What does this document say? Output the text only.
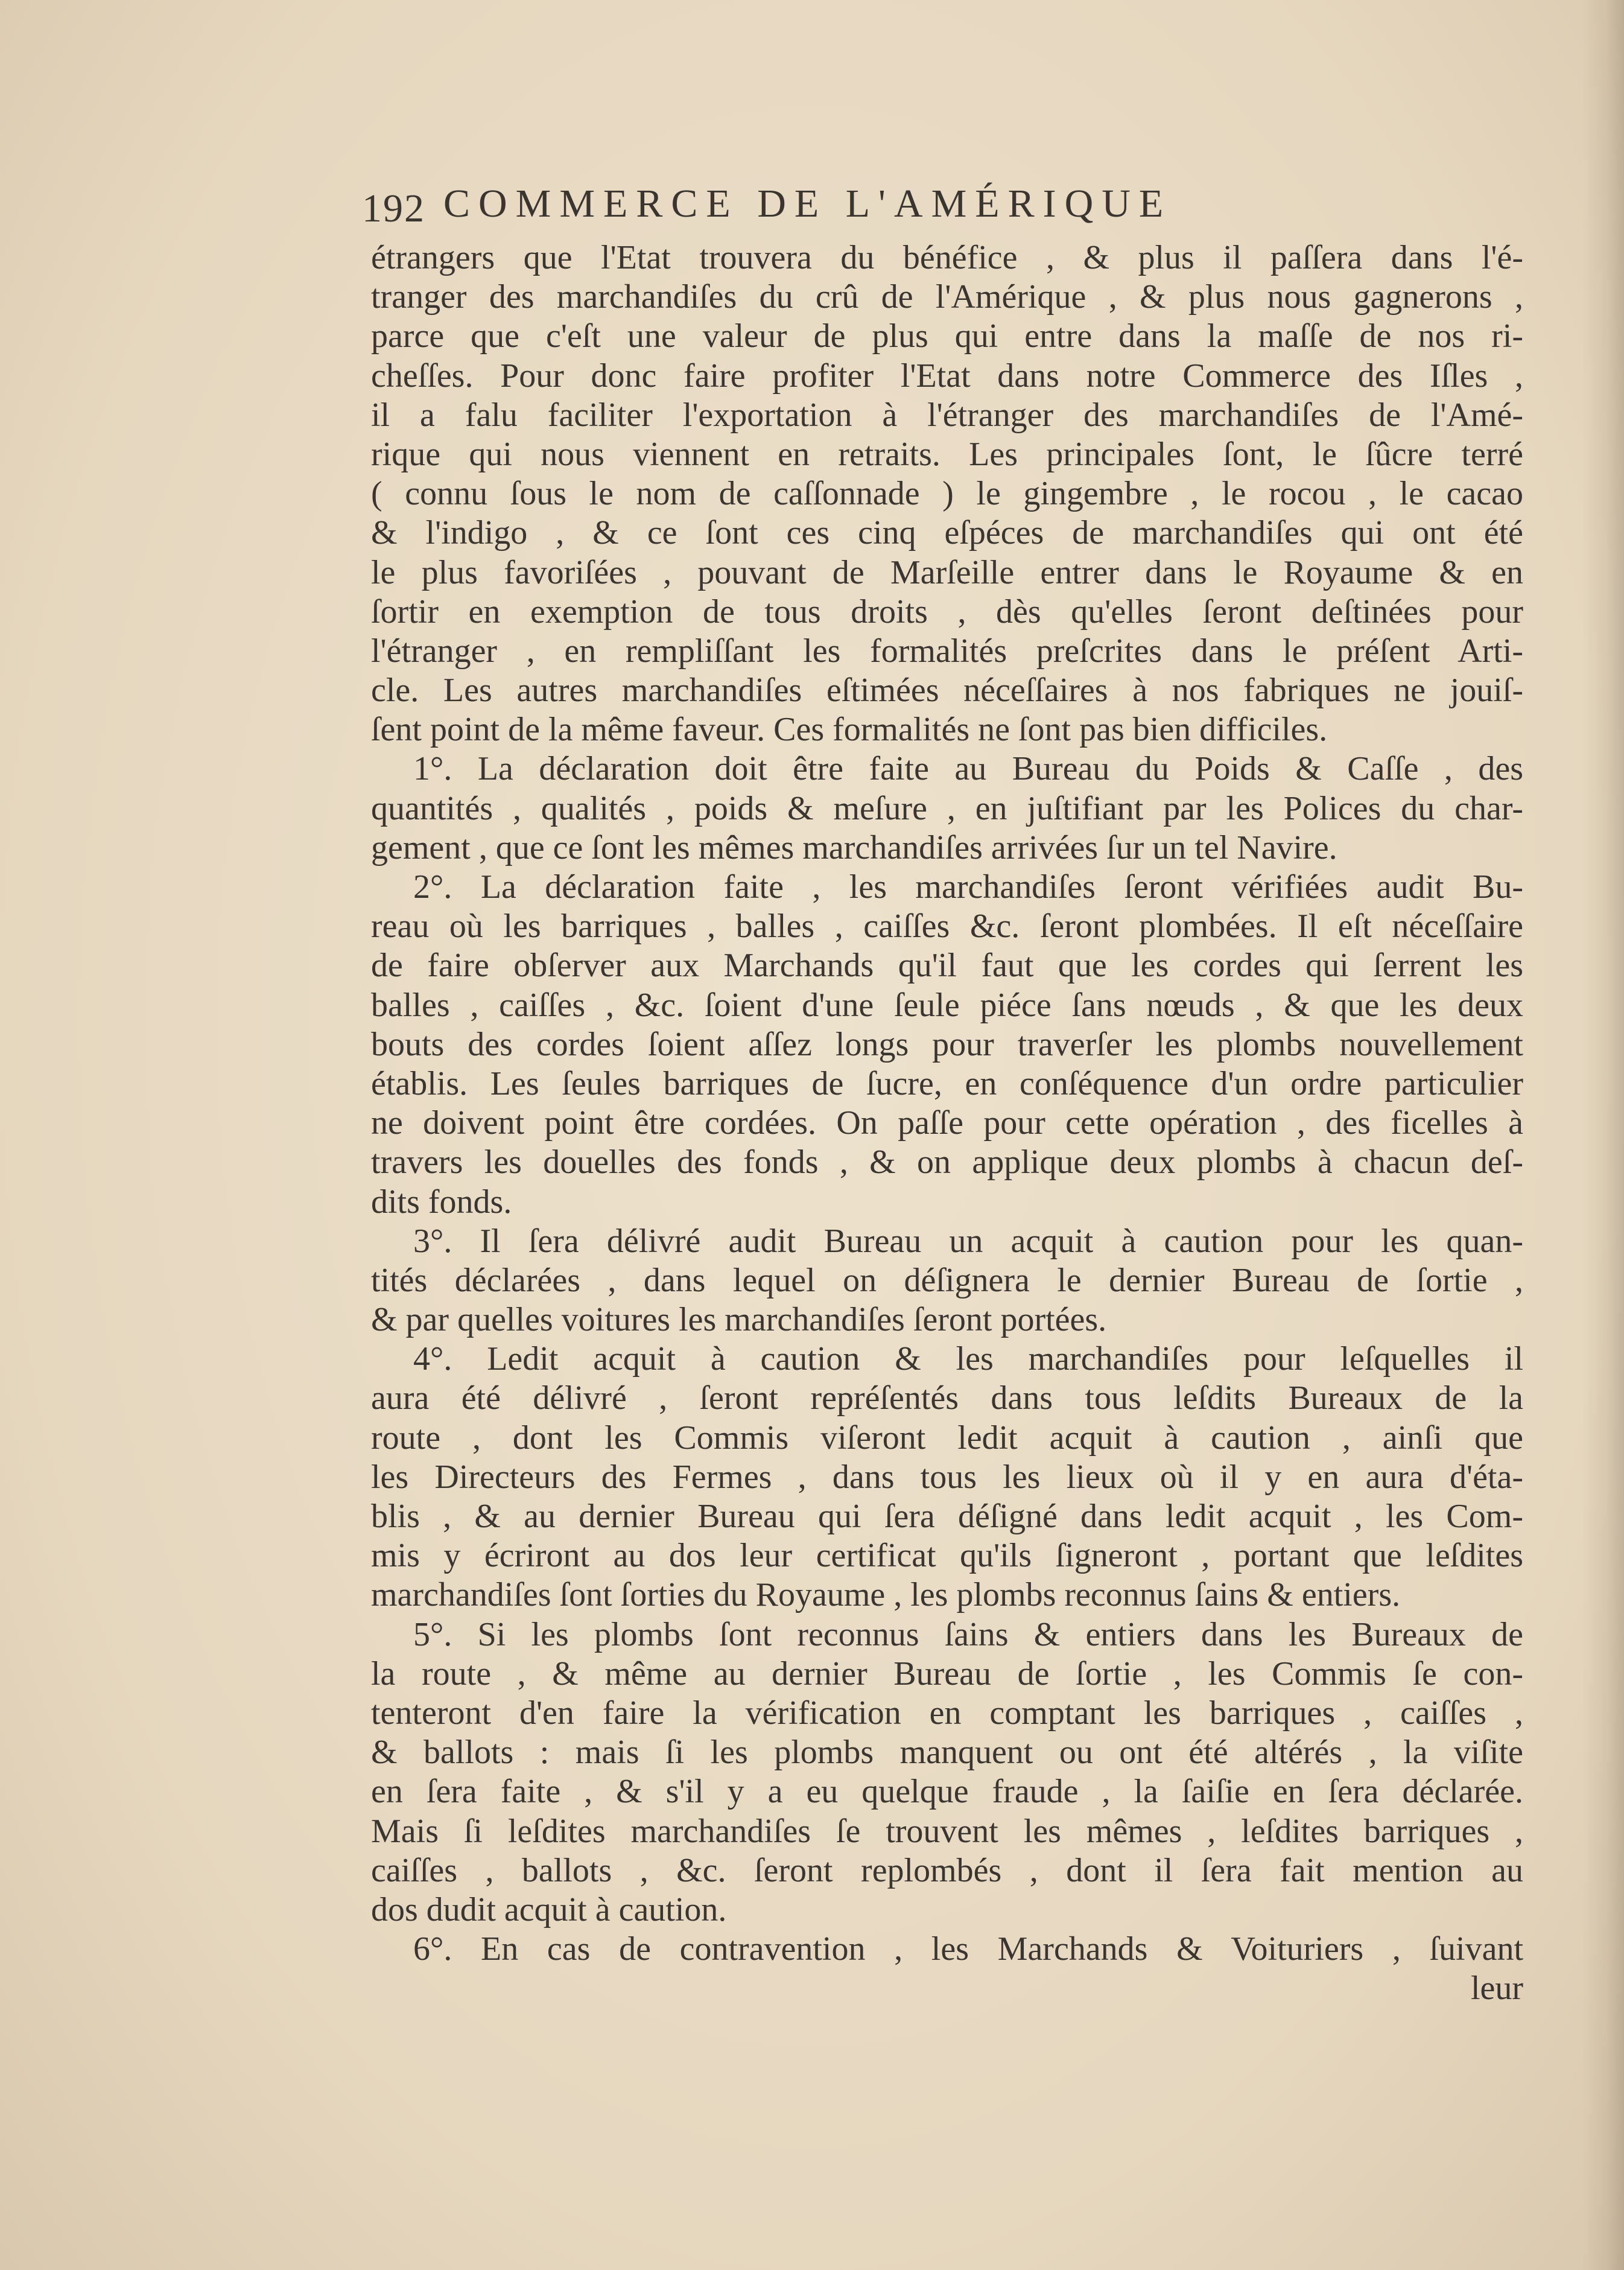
192 COMMERCE DE L'AMÉRIQUE
étrangers que l'Etat trouvera du bénéfice , & plus il paſſera dans l'é-
tranger des marchandiſes du crû de l'Amérique , & plus nous gagnerons ,
parce que c'eſt une valeur de plus qui entre dans la maſſe de nos ri-
cheſſes. Pour donc faire profiter l'Etat dans notre Commerce des Iſles ,
il a falu faciliter l'exportation à l'étranger des marchandiſes de l'Amé-
rique qui nous viennent en retraits. Les principales ſont, le ſûcre terré
( connu ſous le nom de caſſonnade ) le gingembre , le rocou , le cacao
& l'indigo , & ce ſont ces cinq eſpéces de marchandiſes qui ont été
le plus favoriſées , pouvant de Marſeille entrer dans le Royaume & en
ſortir en exemption de tous droits , dès qu'elles ſeront deſtinées pour
l'étranger , en rempliſſant les formalités preſcrites dans le préſent Arti-
cle. Les autres marchandiſes eſtimées néceſſaires à nos fabriques ne jouiſ-
ſent point de la même faveur. Ces formalités ne ſont pas bien difficiles.
1°. La déclaration doit être faite au Bureau du Poids & Caſſe , des
quantités , qualités , poids & meſure , en juſtifiant par les Polices du char-
gement , que ce ſont les mêmes marchandiſes arrivées ſur un tel Navire.
2°. La déclaration faite , les marchandiſes ſeront vérifiées audit Bu-
reau où les barriques , balles , caiſſes &c. ſeront plombées. Il eſt néceſſaire
de faire obſerver aux Marchands qu'il faut que les cordes qui ſerrent les
balles , caiſſes , &c. ſoient d'une ſeule piéce ſans nœuds , & que les deux
bouts des cordes ſoient aſſez longs pour traverſer les plombs nouvellement
établis. Les ſeules barriques de ſucre, en conſéquence d'un ordre particulier
ne doivent point être cordées. On paſſe pour cette opération , des ficelles à
travers les douelles des fonds , & on applique deux plombs à chacun deſ-
dits fonds.
3°. Il ſera délivré audit Bureau un acquit à caution pour les quan-
tités déclarées , dans lequel on déſignera le dernier Bureau de ſortie ,
& par quelles voitures les marchandiſes ſeront portées.
4°. Ledit acquit à caution & les marchandiſes pour leſquelles il
aura été délivré , ſeront repréſentés dans tous leſdits Bureaux de la
route , dont les Commis viſeront ledit acquit à caution , ainſi que
les Directeurs des Fermes , dans tous les lieux où il y en aura d'éta-
blis , & au dernier Bureau qui ſera déſigné dans ledit acquit , les Com-
mis y écriront au dos leur certificat qu'ils ſigneront , portant que leſdites
marchandiſes ſont ſorties du Royaume , les plombs reconnus ſains & entiers.
5°. Si les plombs ſont reconnus ſains & entiers dans les Bureaux de
la route , & même au dernier Bureau de ſortie , les Commis ſe con-
tenteront d'en faire la vérification en comptant les barriques , caiſſes ,
& ballots : mais ſi les plombs manquent ou ont été altérés , la viſite
en ſera faite , & s'il y a eu quelque fraude , la ſaiſie en ſera déclarée.
Mais ſi leſdites marchandiſes ſe trouvent les mêmes , leſdites barriques ,
caiſſes , ballots , &c. ſeront replombés , dont il ſera fait mention au
dos dudit acquit à caution.
6°. En cas de contravention , les Marchands & Voituriers , ſuivant
leur
